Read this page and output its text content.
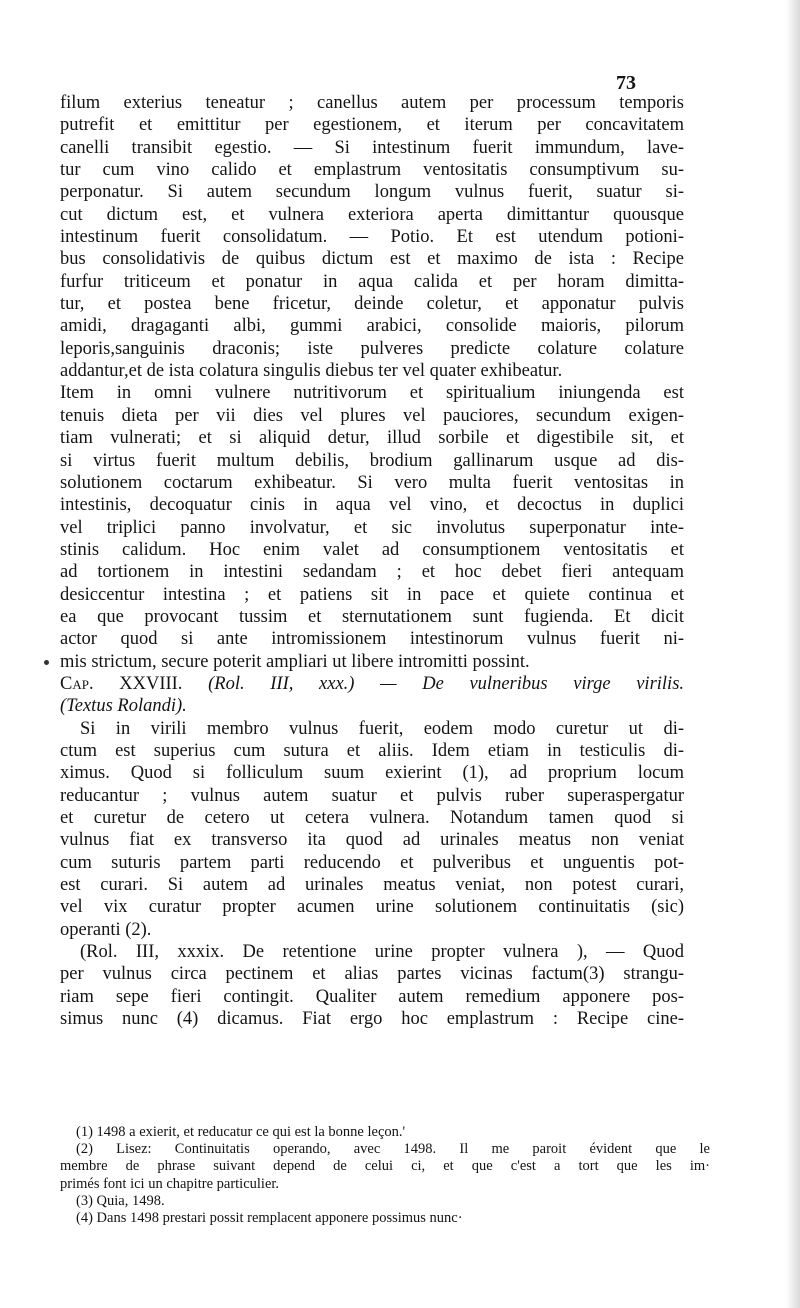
73
filum exterius teneatur ; canellus autem per processum temporis
putrefit et emittitur per egestionem, et iterum per concavitatem
canelli transibit egestio. — Si intestinum fuerit immundum, lave-
tur cum vino calido et emplastrum ventositatis consumptivum su-
perponatur. Si autem secundum longum vulnus fuerit, suatur si-
cut dictum est, et vulnera exteriora aperta dimittantur quousque
intestinum fuerit consolidatum. — Potio. Et est utendum potioni-
bus consolidativis de quibus dictum est et maximo de ista : Recipe
furfur triticeum et ponatur in aqua calida et per horam dimitta-
tur, et postea bene fricetur, deinde coletur, et apponatur pulvis
amidi, dragaganti albi, gummi arabici, consolide maioris, pilorum
leporis,sanguinis draconis; iste pulveres predicte colature colature
addantur,et de ista colatura singulis diebus ter vel quater exhibeatur.
Item in omni vulnere nutritivorum et spiritualium iniungenda est
tenuis dieta per vii dies vel plures vel pauciores, secundum exigen-
tiam vulnerati; et si aliquid detur, illud sorbile et digestibile sit, et
si virtus fuerit multum debilis, brodium gallinarum usque ad dis-
solutionem coctarum exhibeatur. Si vero multa fuerit ventositas in
intestinis, decoquatur cinis in aqua vel vino, et decoctus in duplici
vel triplici panno involvatur, et sic involutus superponatur inte-
stinis calidum. Hoc enim valet ad consumptionem ventositatis et
ad tortionem in intestini sedandam ; et hoc debet fieri antequam
desiccentur intestina ; et patiens sit in pace et quiete continua et
ea que provocant tussim et sternutationem sunt fugienda. Et dicit
actor quod si ante intromissionem intestinorum vulnus fuerit ni-
mis strictum, secure poterit ampliari ut libere intromitti possint.
Cap. XXVIII. (Rol. III, xxx.) — De vulneribus virge virilis.
(Textus Rolandi).
Si in virili membro vulnus fuerit, eodem modo curetur ut di-
ctum est superius cum sutura et aliis. Idem etiam in testiculis di-
ximus. Quod si folliculum suum exierint (1), ad proprium locum
reducantur ; vulnus autem suatur et pulvis ruber superaspergatur
et curetur de cetero ut cetera vulnera. Notandum tamen quod si
vulnus fiat ex transverso ita quod ad urinales meatus non veniat
cum suturis partem parti reducendo et pulveribus et unguentis pot-
est curari. Si autem ad urinales meatus veniat, non potest curari,
vel vix curatur propter acumen urine solutionem continuitatis (sic)
operanti (2).
(Rol. III, xxxix. De retentione urine propter vulnera ), — Quod
per vulnus circa pectinem et alias partes vicinas factum(3) strangu-
riam sepe fieri contingit. Qualiter autem remedium apponere pos-
simus nunc (4) dicamus. Fiat ergo hoc emplastrum : Recipe cine-
(1) 1498 a exierit, et reducatur ce qui est la bonne leçon.'
(2) Lisez: Continuitatis operando, avec 1498. Il me paroit évident que le
membre de phrase suivant depend de celui ci, et que c'est a tort que les im·
primés font ici un chapitre particulier.
(3) Quia, 1498.
(4) Dans 1498 prestari possit remplacent apponere possimus nunc·
